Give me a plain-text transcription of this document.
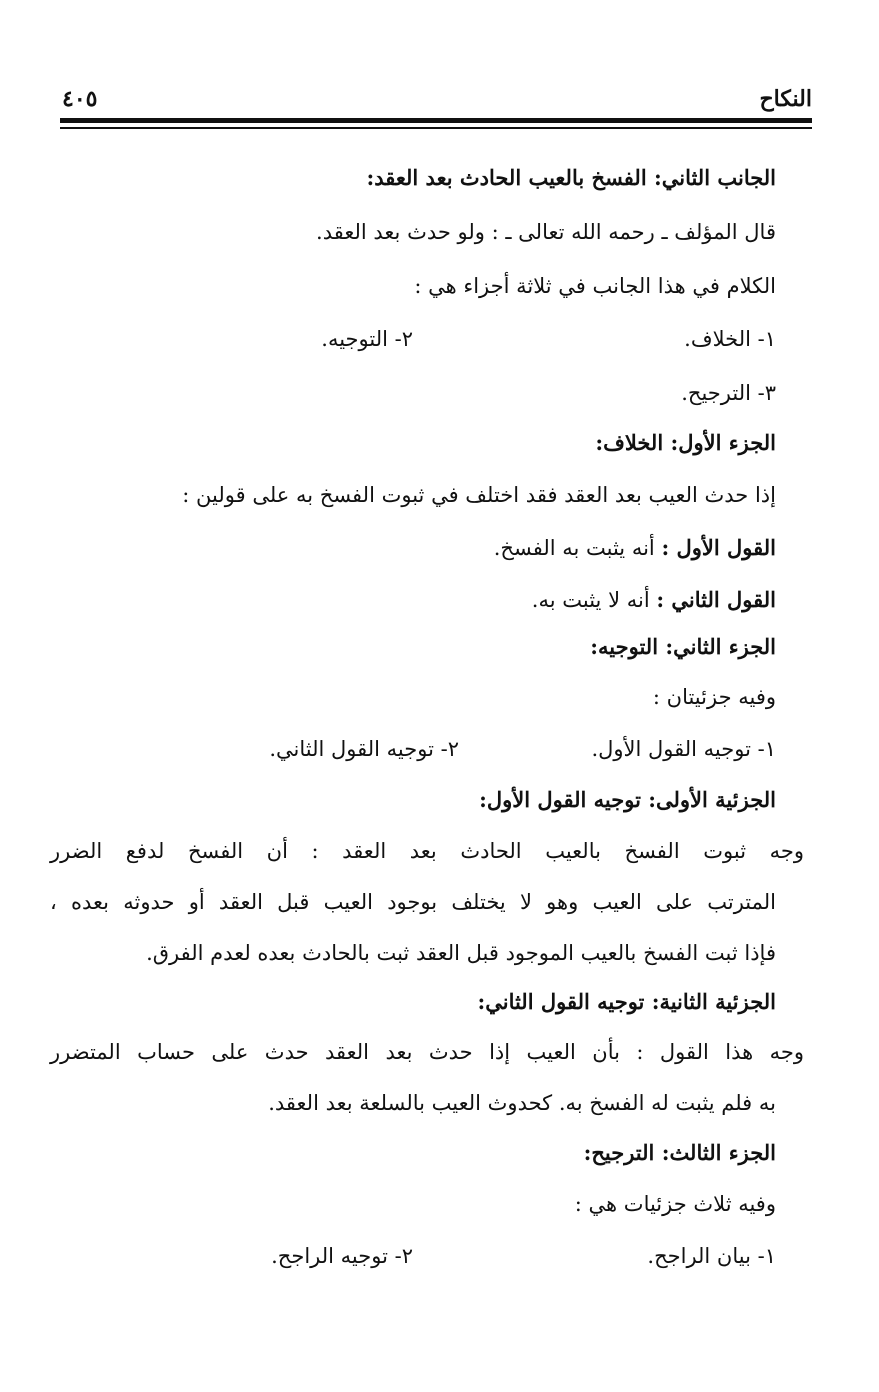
النكاح
٤٠٥
الجانب الثاني: الفسخ بالعيب الحادث بعد العقد:
قال المؤلف ـ رحمه الله تعالى ـ : ولو حدث بعد العقد.
الكلام في هذا الجانب في ثلاثة أجزاء هي :
١- الخلاف.
٢- التوجيه.
٣- الترجيح.
الجزء الأول: الخلاف:
إذا حدث العيب بعد العقد فقد اختلف في ثبوت الفسخ به على قولين :
القول الأول : أنه يثبت به الفسخ.
القول الثاني : أنه لا يثبت به.
الجزء الثاني: التوجيه:
وفيه جزئيتان :
١- توجيه القول الأول.
٢- توجيه القول الثاني.
الجزئية الأولى: توجيه القول الأول:
وجه ثبوت الفسخ بالعيب الحادث بعد العقد : أن الفسخ لدفع الضرر
المترتب على العيب وهو لا يختلف بوجود العيب قبل العقد أو حدوثه بعده ،
فإذا ثبت الفسخ بالعيب الموجود قبل العقد ثبت بالحادث بعده لعدم الفرق.
الجزئية الثانية: توجيه القول الثاني:
وجه هذا القول : بأن العيب إذا حدث بعد العقد حدث على حساب المتضرر
به فلم يثبت له الفسخ به. كحدوث العيب بالسلعة بعد العقد.
الجزء الثالث: الترجيح:
وفيه ثلاث جزئيات هي :
١- بيان الراجح.
٢- توجيه الراجح.
